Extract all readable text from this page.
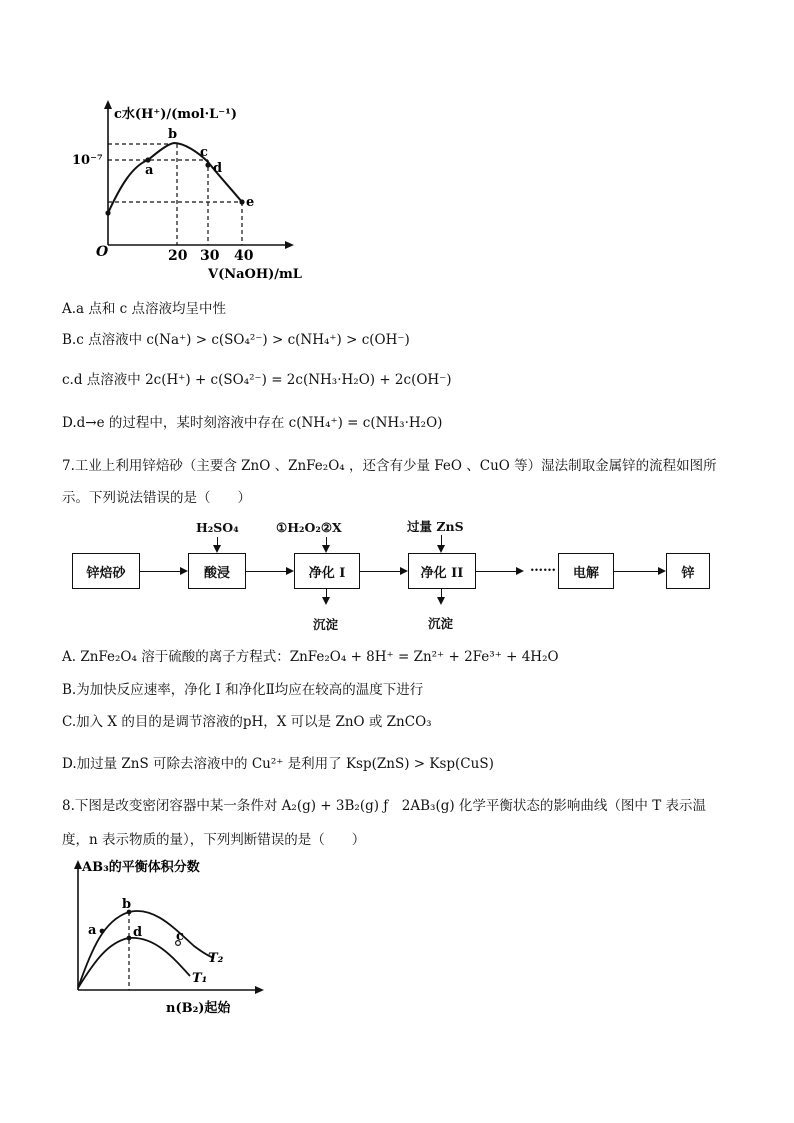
c水(H⁺)/(mol·L⁻¹)
10⁻⁷
O	20 30 40
V(NaOH)/mL
a
b
c
d
e
A.a 点和 c 点溶液均呈中性
B.c 点溶液中 c(Na⁺) > c(SO₄²⁻) > c(NH₄⁺) > c(OH⁻)
c.d 点溶液中 2c(H⁺) + c(SO₄²⁻) = 2c(NH₃·H₂O) + 2c(OH⁻)
D.d→e 的过程中，某时刻溶液中存在 c(NH₄⁺) = c(NH₃·H₂O)
7.工业上利用锌焙砂（主要含 ZnO 、ZnFe₂O₄ ，还含有少量 FeO 、CuO 等）湿法制取金属锌的流程如图所
示。下列说法错误的是（　　）
锌焙砂	酸浸	净化 I	净化 II	……	电解	锌
H₂SO₄	①H₂O₂②X	过量 ZnS
沉淀	沉淀
A. ZnFe₂O₄ 溶于硫酸的离子方程式：ZnFe₂O₄ + 8H⁺ = Zn²⁺ + 2Fe³⁺ + 4H₂O
B.为加快反应速率，净化 I 和净化Ⅱ均应在较高的温度下进行
C.加入 X 的目的是调节溶液的pH，X 可以是 ZnO 或 ZnCO₃
D.加过量 ZnS 可除去溶液中的 Cu²⁺ 是利用了 Ksp(ZnS) > Ksp(CuS)
8.下图是改变密闭容器中某一条件对 A₂(g) + 3B₂(g) ƒ　2AB₃(g) 化学平衡状态的影响曲线（图中 T 表示温
度，n 表示物质的量），下列判断错误的是（　　）
AB₃的平衡体积分数
n(B₂)起始
T₂
T₁
a
b
c
d
